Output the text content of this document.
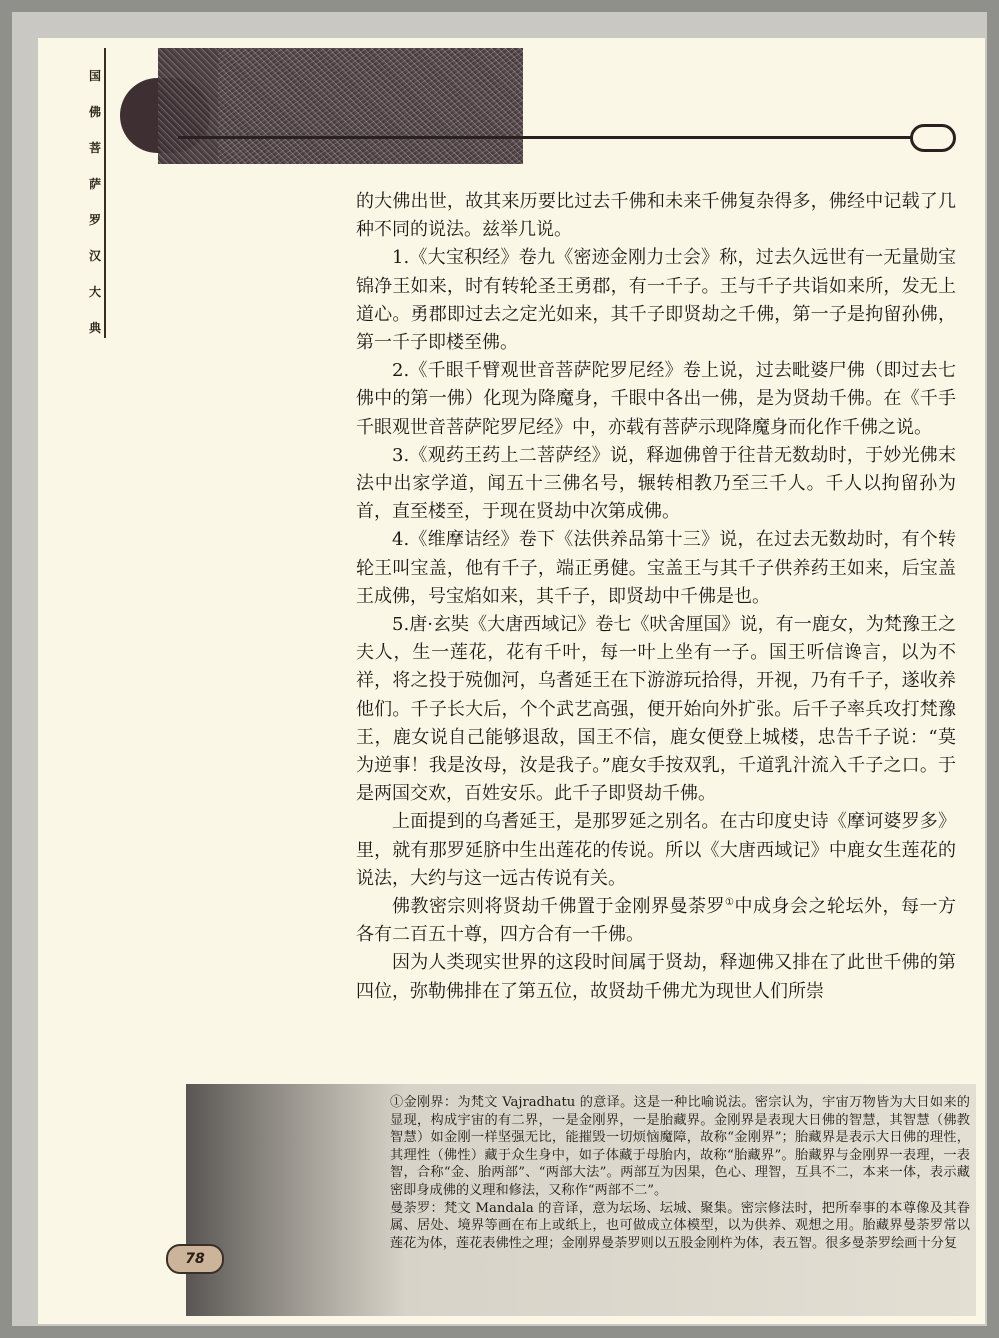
国
佛
菩
萨
罗
汉
大
典

的大佛出世，故其来历要比过去千佛和未来千佛复杂得多，佛经中记载了几种不同的说法。兹举几说。

1.《大宝积经》卷九《密迹金刚力士会》称，过去久远世有一无量勋宝锦净王如来，时有转轮圣王勇郡，有一千子。王与千子共诣如来所，发无上道心。勇郡即过去之定光如来，其千子即贤劫之千佛，第一子是拘留孙佛，第一千子即楼至佛。

2.《千眼千臂观世音菩萨陀罗尼经》卷上说，过去毗婆尸佛（即过去七佛中的第一佛）化现为降魔身，千眼中各出一佛，是为贤劫千佛。在《千手千眼观世音菩萨陀罗尼经》中，亦载有菩萨示现降魔身而化作千佛之说。

3.《观药王药上二菩萨经》说，释迦佛曾于往昔无数劫时，于妙光佛末法中出家学道，闻五十三佛名号，辗转相教乃至三千人。千人以拘留孙为首，直至楼至，于现在贤劫中次第成佛。

4.《维摩诘经》卷下《法供养品第十三》说，在过去无数劫时，有个转轮王叫宝盖，他有千子，端正勇健。宝盖王与其千子供养药王如来，后宝盖王成佛，号宝焰如来，其千子，即贤劫中千佛是也。

5.唐·玄奘《大唐西域记》卷七《吠舍厘国》说，有一鹿女，为梵豫王之夫人，生一莲花，花有千叶，每一叶上坐有一子。国王听信谗言，以为不祥，将之投于殑伽河，乌耆延王在下游游玩拾得，开视，乃有千子，遂收养他们。千子长大后，个个武艺高强，便开始向外扩张。后千子率兵攻打梵豫王，鹿女说自己能够退敌，国王不信，鹿女便登上城楼，忠告千子说：“莫为逆事！我是汝母，汝是我子。”鹿女手按双乳，千道乳汁流入千子之口。于是两国交欢，百姓安乐。此千子即贤劫千佛。

上面提到的乌耆延王，是那罗延之别名。在古印度史诗《摩诃婆罗多》里，就有那罗延脐中生出莲花的传说。所以《大唐西域记》中鹿女生莲花的说法，大约与这一远古传说有关。

佛教密宗则将贤劫千佛置于金刚界曼荼罗①中成身会之轮坛外，每一方各有二百五十尊，四方合有一千佛。

因为人类现实世界的这段时间属于贤劫，释迦佛又排在了此世千佛的第四位，弥勒佛排在了第五位，故贤劫千佛尤为现世人们所崇

①金刚界：为梵文 Vajradhatu 的意译。这是一种比喻说法。密宗认为，宇宙万物皆为大日如来的显现，构成宇宙的有二界，一是金刚界，一是胎藏界。金刚界是表现大日佛的智慧，其智慧（佛教智慧）如金刚一样坚强无比，能摧毁一切烦恼魔障，故称“金刚界”；胎藏界是表示大日佛的理性，其理性（佛性）藏于众生身中，如子体藏于母胎内，故称“胎藏界”。胎藏界与金刚界一表理，一表智，合称“金、胎两部”、“两部大法”。两部互为因果，色心、理智，互具不二，本来一体，表示藏密即身成佛的义理和修法，又称作“两部不二”。

曼荼罗：梵文 Mandala 的音译，意为坛场、坛城、聚集。密宗修法时，把所奉事的本尊像及其眷属、居处、境界等画在布上或纸上，也可做成立体模型，以为供养、观想之用。胎藏界曼荼罗常以莲花为体，莲花表佛性之理；金刚界曼荼罗则以五股金刚杵为体，表五智。很多曼荼罗绘画十分复

78
